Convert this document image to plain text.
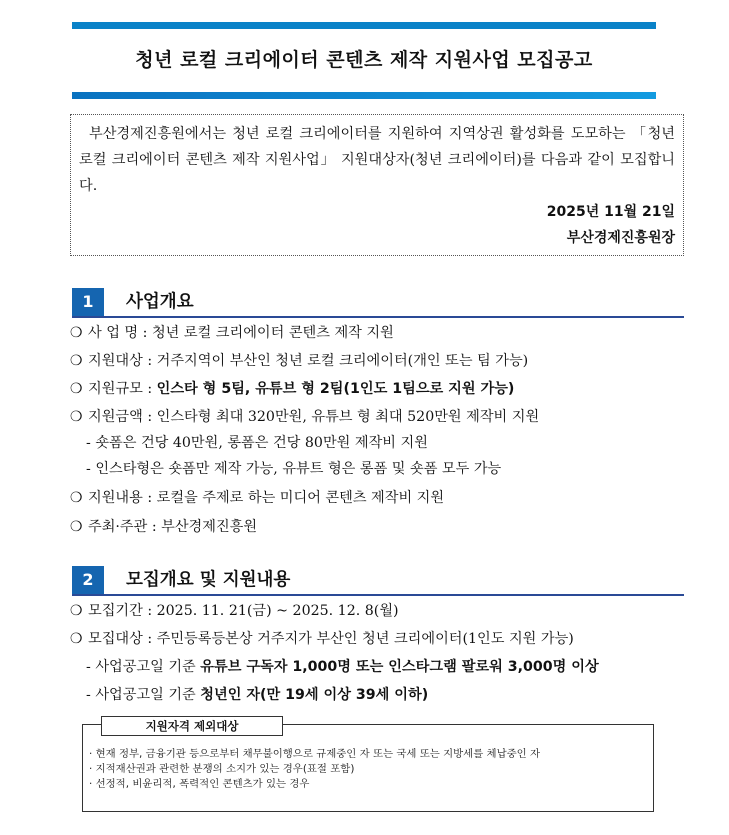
청년 로컬 크리에이터 콘텐츠 제작 지원사업 모집공고

부산경제진흥원에서는 청년 로컬 크리에이터를 지원하여 지역상권 활성화를 도모하는 「청년 로컬 크리에이터 콘텐츠 제작 지원사업」 지원대상자(청년 크리에이터)를 다음과 같이 모집합니다.

2025년 11월 21일
부산경제진흥원장
1	사업개요
❍ 사 업 명 : 청년 로컬 크리에이터 콘텐츠 제작 지원
❍ 지원대상 : 거주지역이 부산인 청년 로컬 크리에이터(개인 또는 팀 가능)
❍ 지원규모 : 인스타 형 5팀, 유튜브 형 2팀(1인도 1팀으로 지원 가능)
❍ 지원금액 : 인스타형 최대 320만원, 유튜브 형 최대 520만원 제작비 지원
- 숏폼은 건당 40만원, 롱폼은 건당 80만원 제작비 지원
- 인스타형은 숏폼만 제작 가능, 유뷰트 형은 롱폼 및 숏폼 모두 가능
❍ 지원내용 : 로컬을 주제로 하는 미디어 콘텐츠 제작비 지원
❍ 주최·주관 : 부산경제진흥원
2	모집개요 및 지원내용
❍ 모집기간 : 2025. 11. 21(금) ~ 2025. 12. 8(월)
❍ 모집대상 : 주민등록등본상 거주지가 부산인 청년 크리에이터(1인도 지원 가능)
- 사업공고일 기준 유튜브 구독자 1,000명 또는 인스타그램 팔로워 3,000명 이상
- 사업공고일 기준 청년인 자(만 19세 이상 39세 이하)
지원자격 제외대상
· 현재 정부, 금융기관 등으로부터 채무불이행으로 규제중인 자 또는 국세 또는 지방세를 체납중인 자
· 지적재산권과 관련한 분쟁의 소지가 있는 경우(표절 포함)
· 선정적, 비윤리적, 폭력적인 콘텐츠가 있는 경우
